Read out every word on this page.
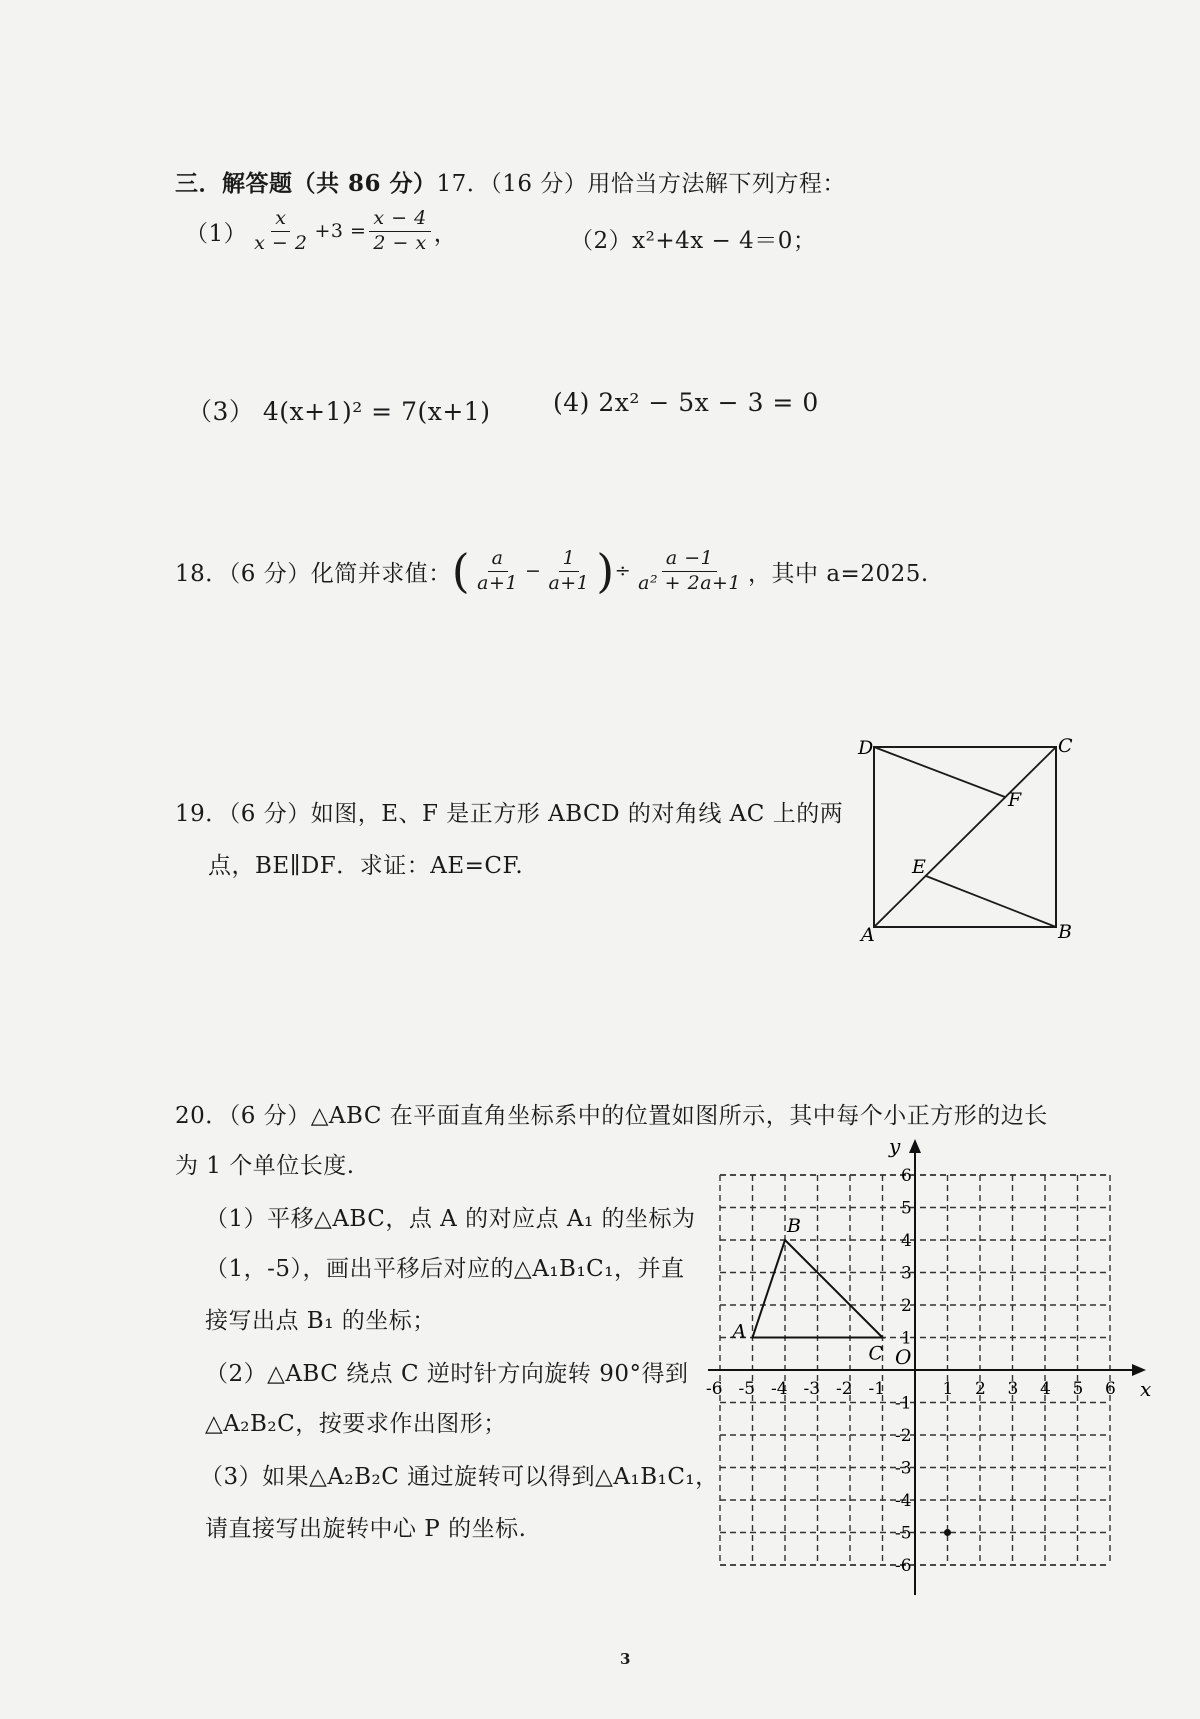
三．解答题（共 86 分）17．（16 分）用恰当方法解下列方程：
$(1) \frac{x}{x - 2} +3 = \frac{x - 4}{2 - x}$ ，	（2）x²+4x − 4＝0；
（3） 4(x+1)² = 7(x+1)	(4) 2x² − 5x − 3 = 0
18．（6 分）化简并求值： ( $\frac{a}{a+1} - \frac{1}{a+1}$ ) ÷ $\frac{a -1}{\text{a² + 2a+1}}$ ，其中 a=2025.
19．（6 分）如图，E、F 是正方形 ABCD 的对角线 AC 上的两
点，BE∥DF．求证：AE=CF.
D	C
F
E
A	B
20．（6 分）△ABC 在平面直角坐标系中的位置如图所示，其中每个小正方形的边长
为 1 个单位长度.
（1）平移△ABC，点 A 的对应点 A₁ 的坐标为
（1，-5），画出平移后对应的△A₁B₁C₁，并直
接写出点 B₁ 的坐标；
（2）△ABC 绕点 C 逆时针方向旋转 90°得到
△A₂B₂C，按要求作出图形；
（3）如果△A₂B₂C 通过旋转可以得到△A₁B₁C₁，
请直接写出旋转中心 P 的坐标.
-6 -5 -4 -3 -2 -1	1 2 3 4 5 6
6
5
4
3
2
1
-1
-2
-3
-4
-5
-6
A
B
C
x
y
O
3
